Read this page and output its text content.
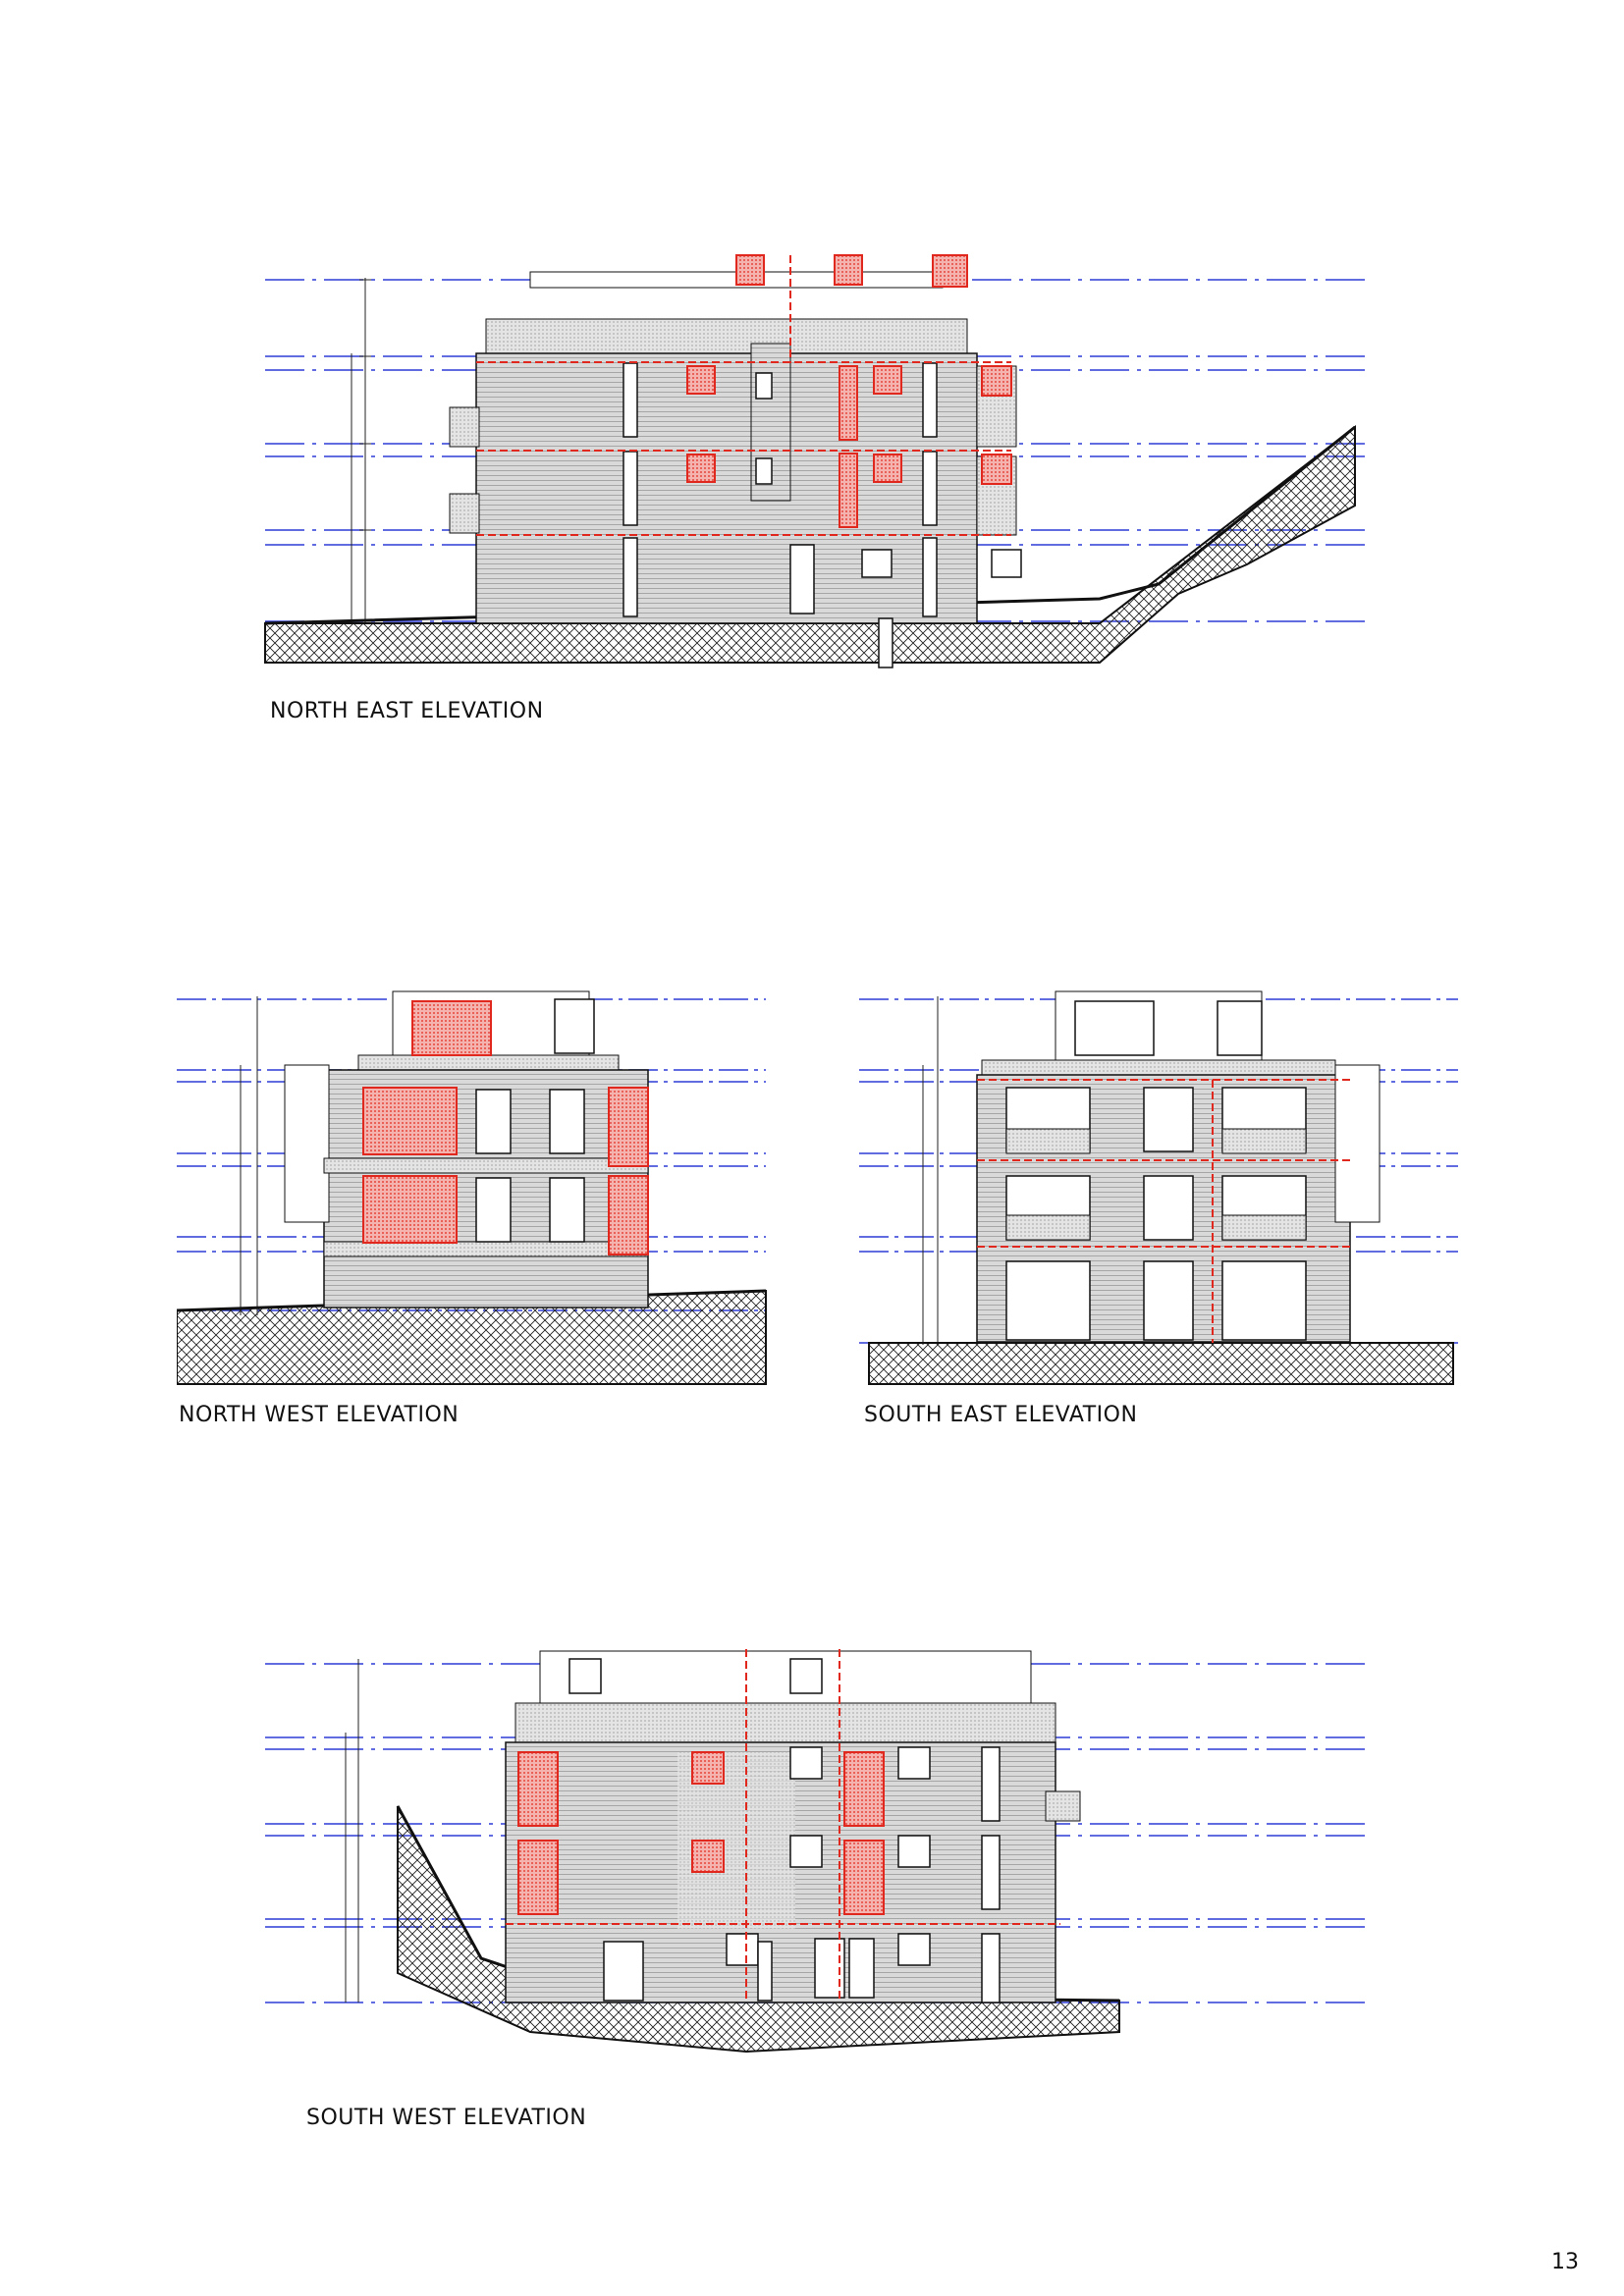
NORTH EAST ELEVATION
NORTH WEST ELEVATION	SOUTH EAST ELEVATION
SOUTH WEST ELEVATION
13
